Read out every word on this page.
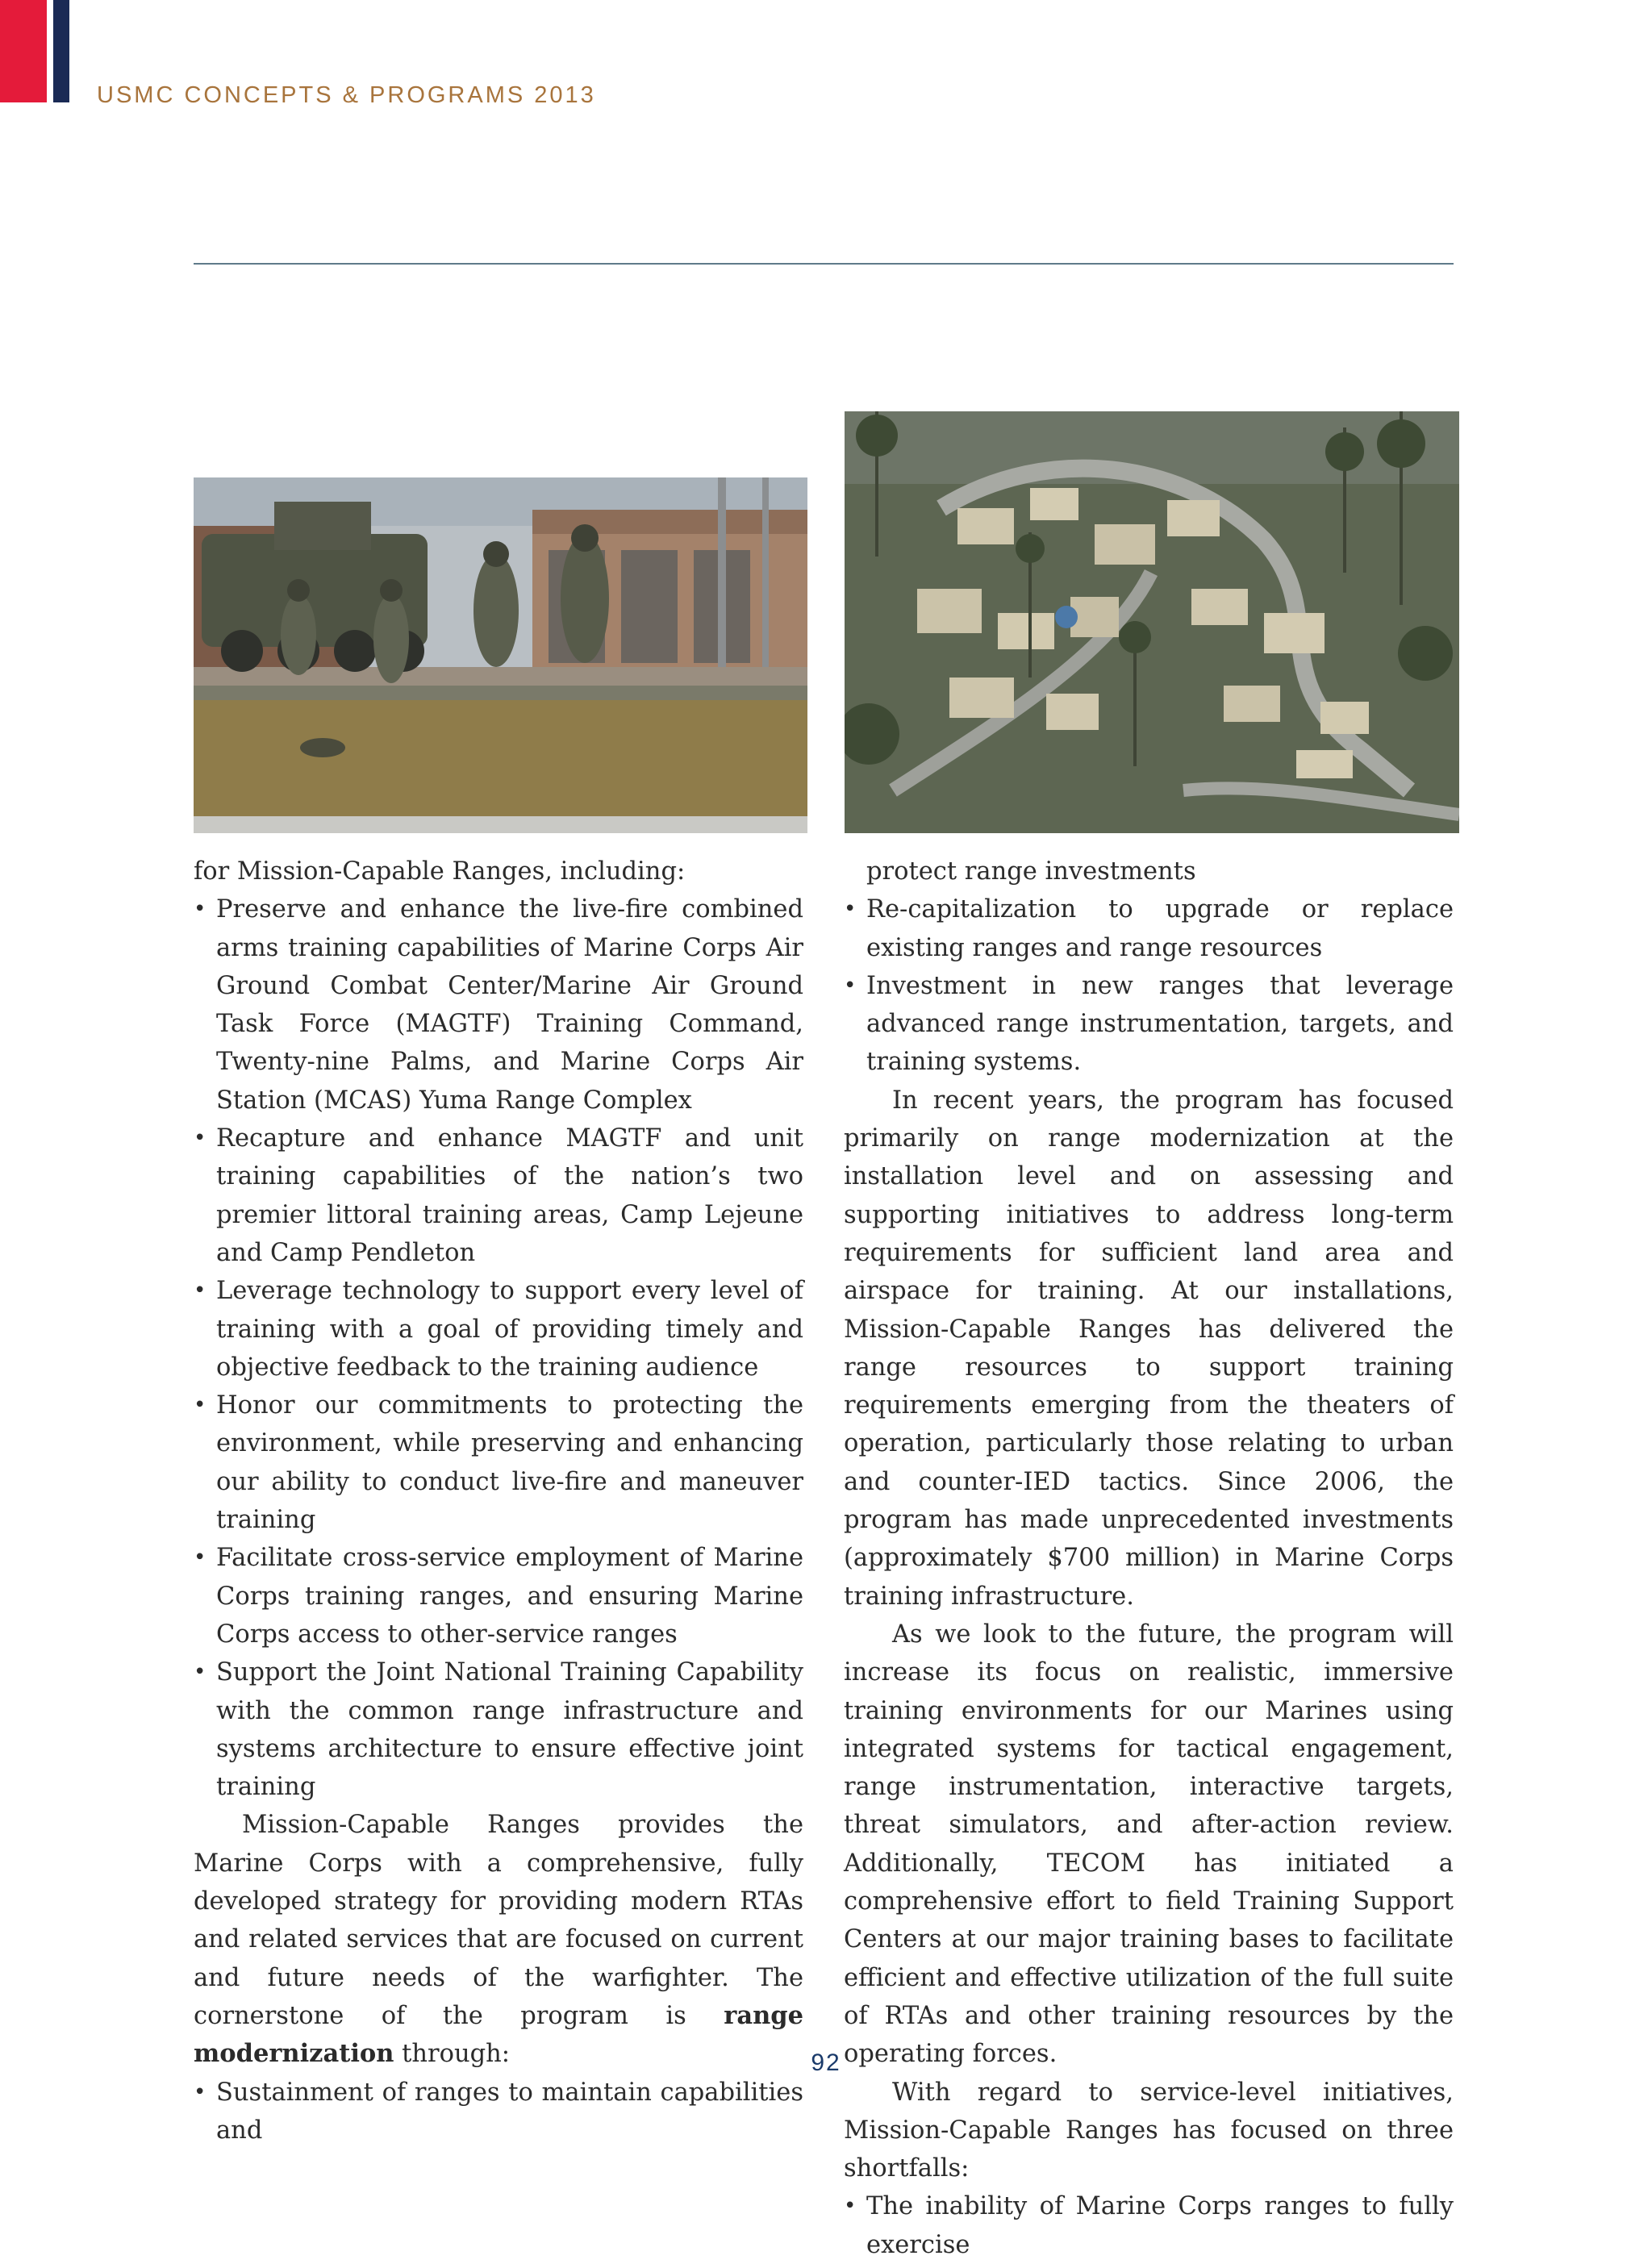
USMC CONCEPTS & PROGRAMS 2013

for Mission-Capable Ranges, including:

• Preserve and enhance the live-fire combined arms training capabilities of Marine Corps Air Ground Combat Center/Marine Air Ground Task Force (MAGTF) Training Command, Twenty-nine Palms, and Marine Corps Air Station (MCAS) Yuma Range Complex
• Recapture and enhance MAGTF and unit training capabilities of the nation’s two premier littoral training areas, Camp Lejeune and Camp Pendleton
• Leverage technology to support every level of training with a goal of providing timely and objective feedback to the training audience
• Honor our commitments to protecting the environment, while preserving and enhancing our ability to conduct live-fire and maneuver training
• Facilitate cross-service employment of Marine Corps training ranges, and ensuring Marine Corps access to other-service ranges
• Support the Joint National Training Capability with the common range infrastructure and systems architecture to ensure effective joint training

Mission-Capable Ranges provides the Marine Corps with a comprehensive, fully developed strategy for providing modern RTAs and related services that are focused on current and future needs of the warfighter. The cornerstone of the program is range modernization through:

• Sustainment of ranges to maintain capabilities and

protect range investments

• Re-capitalization to upgrade or replace existing ranges and range resources
• Investment in new ranges that leverage advanced range instrumentation, targets, and training systems.

In recent years, the program has focused primarily on range modernization at the installation level and on assessing and supporting initiatives to address long-term requirements for sufficient land area and airspace for training. At our installations, Mission-Capable Ranges has delivered the range resources to support training requirements emerging from the theaters of operation, particularly those relating to urban and counter-IED tactics. Since 2006, the program has made unprecedented investments (approximately $700 million) in Marine Corps training infrastructure.

As we look to the future, the program will increase its focus on realistic, immersive training environments for our Marines using integrated systems for tactical engagement, range instrumentation, interactive targets, threat simulators, and after-action review. Additionally, TECOM has initiated a comprehensive effort to field Training Support Centers at our major training bases to facilitate efficient and effective utilization of the full suite of RTAs and other training resources by the operating forces.

With regard to service-level initiatives, Mission-Capable Ranges has focused on three shortfalls:

• The inability of Marine Corps ranges to fully exercise
92
